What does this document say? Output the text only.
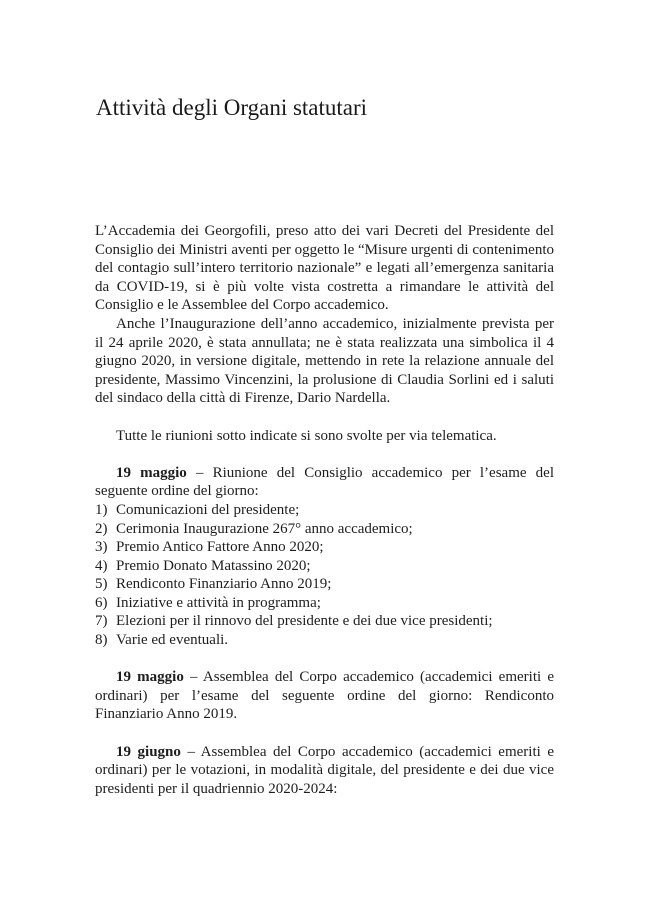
Attività degli Organi statutari

L’Accademia dei Georgofili, preso atto dei vari Decreti del Presidente del Consiglio dei Ministri aventi per oggetto le “Misure urgenti di contenimento del contagio sull’intero territorio nazionale” e legati all’emergenza sanitaria da COVID-19, si è più volte vista costretta a rimandare le attività del Consiglio e le Assemblee del Corpo accademico.

Anche l’Inaugurazione dell’anno accademico, inizialmente prevista per il 24 aprile 2020, è stata annullata; ne è stata realizzata una simbolica il 4 giugno 2020, in versione digitale, mettendo in rete la relazione annuale del presidente, Massimo Vincenzini, la prolusione di Claudia Sorlini ed i saluti del sindaco della città di Firenze, Dario Nardella.

Tutte le riunioni sotto indicate si sono svolte per via telematica.

19 maggio – Riunione del Consiglio accademico per l’esame del seguente ordine del giorno:

1) Comunicazioni del presidente;
2) Cerimonia Inaugurazione 267° anno accademico;
3) Premio Antico Fattore Anno 2020;
4) Premio Donato Matassino 2020;
5) Rendiconto Finanziario Anno 2019;
6) Iniziative e attività in programma;
7) Elezioni per il rinnovo del presidente e dei due vice presidenti;
8) Varie ed eventuali.

19 maggio – Assemblea del Corpo accademico (accademici emeriti e ordinari) per l’esame del seguente ordine del giorno: Rendiconto Finanziario Anno 2019.

19 giugno – Assemblea del Corpo accademico (accademici emeriti e ordinari) per le votazioni, in modalità digitale, del presidente e dei due vice presidenti per il quadriennio 2020-2024:
